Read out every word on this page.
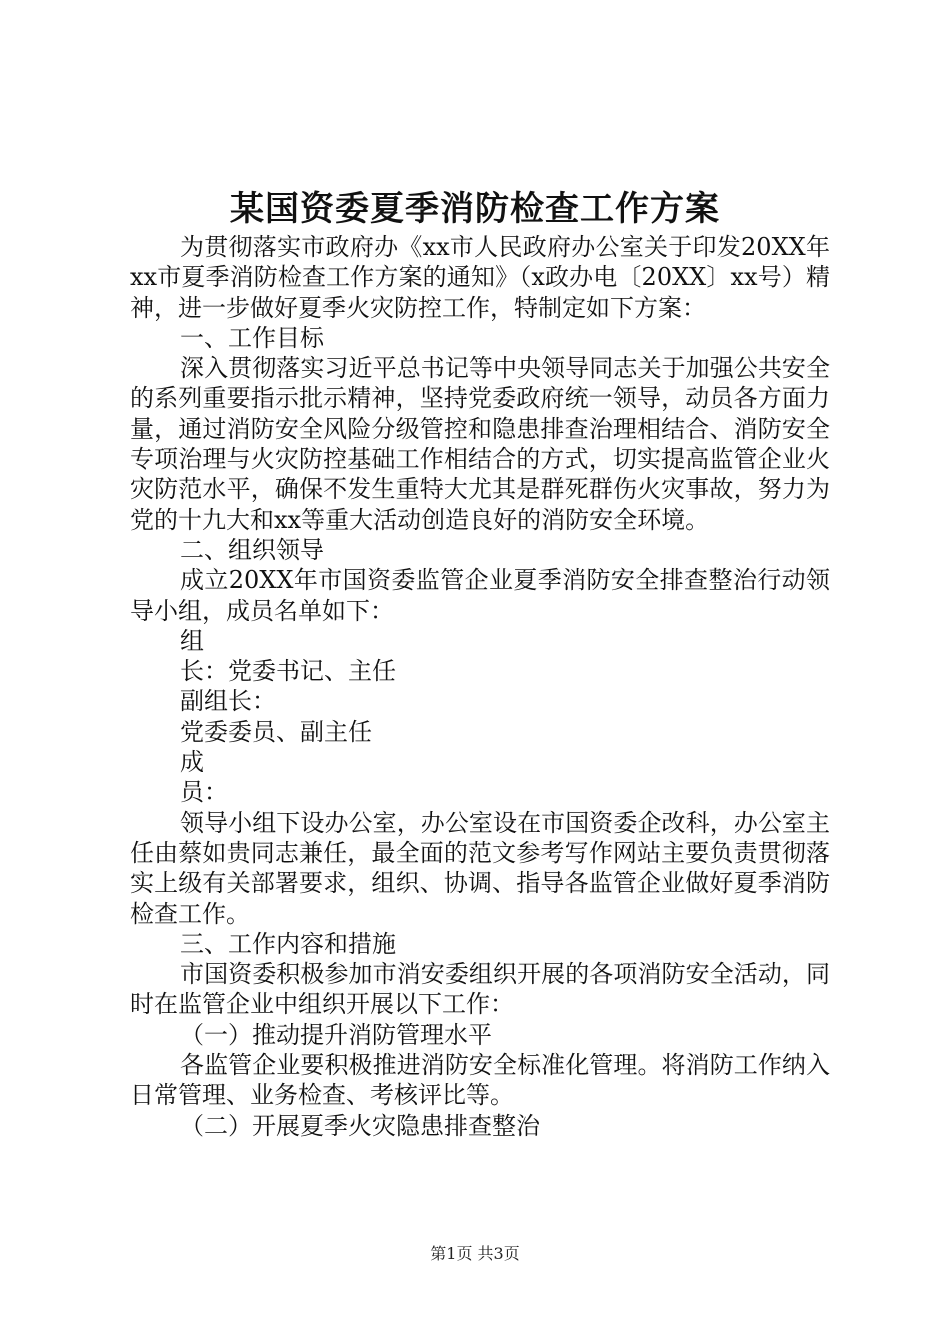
某国资委夏季消防检查工作方案

为贯彻落实市政府办《xx市人民政府办公室关于印发20XX年xx市夏季消防检查工作方案的通知》（x政办电〔20XX〕xx号）精神，进一步做好夏季火灾防控工作，特制定如下方案：

一、工作目标

深入贯彻落实习近平总书记等中央领导同志关于加强公共安全的系列重要指示批示精神，坚持党委政府统一领导，动员各方面力量，通过消防安全风险分级管控和隐患排查治理相结合、消防安全专项治理与火灾防控基础工作相结合的方式，切实提高监管企业火灾防范水平，确保不发生重特大尤其是群死群伤火灾事故，努力为党的十九大和xx等重大活动创造良好的消防安全环境。

二、组织领导

成立20XX年市国资委监管企业夏季消防安全排查整治行动领导小组，成员名单如下：

组

长：党委书记、主任

副组长：

党委委员、副主任

成

员：

领导小组下设办公室，办公室设在市国资委企改科，办公室主任由蔡如贵同志兼任，最全面的范文参考写作网站主要负责贯彻落实上级有关部署要求，组织、协调、指导各监管企业做好夏季消防检查工作。

三、工作内容和措施

市国资委积极参加市消安委组织开展的各项消防安全活动，同时在监管企业中组织开展以下工作：

（一）推动提升消防管理水平

各监管企业要积极推进消防安全标准化管理。将消防工作纳入日常管理、业务检查、考核评比等。

（二）开展夏季火灾隐患排查整治

第1页 共3页
